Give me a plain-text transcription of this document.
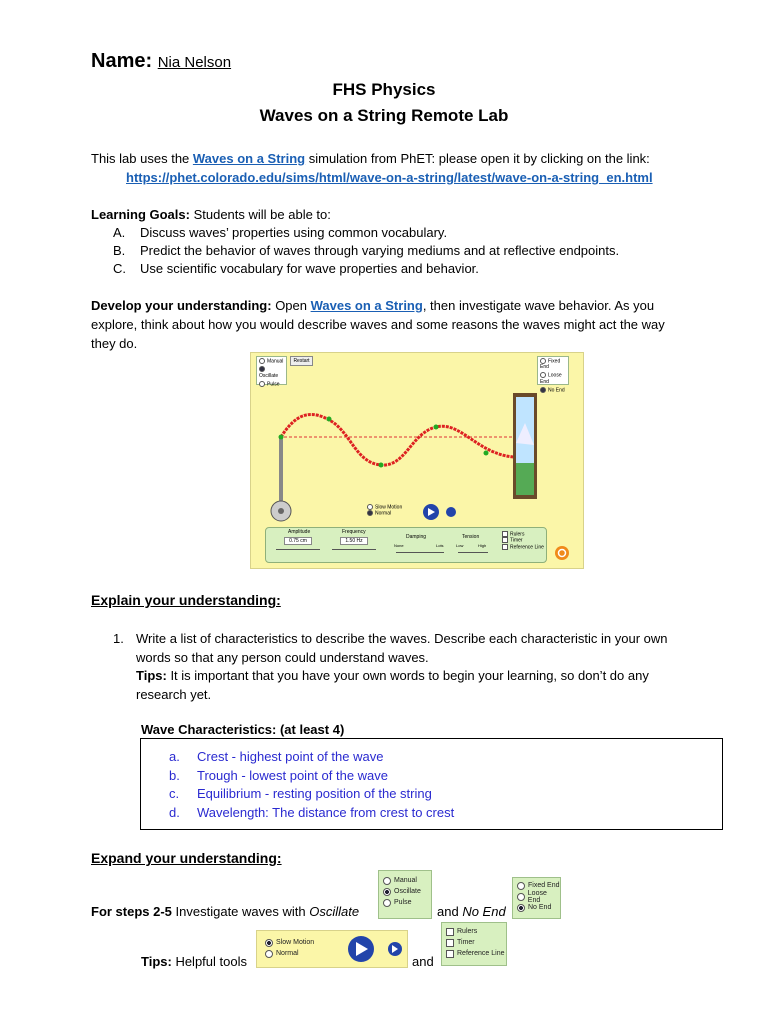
Name: Nia Nelson
FHS Physics
Waves on a String Remote Lab
This lab uses the Waves on a String simulation from PhET: please open it by clicking on the link:
https://phet.colorado.edu/sims/html/wave-on-a-string/latest/wave-on-a-string_en.html
Learning Goals: Students will be able to:
A.	Discuss waves’ properties using common vocabulary.
B.	Predict the behavior of waves through varying mediums and at reflective endpoints.
C.	Use scientific vocabulary for wave properties and behavior.
Develop your understanding: Open Waves on a String, then investigate wave behavior. As you
explore, think about how you would describe waves and some reasons the waves might act the way
they do.
Manual
Oscillate
Pulse
Restart	Fixed End
Loose End
No End
Slow Motion
Normal
Amplitude
0.75 cm
Frequency
1.50 Hz
Damping
None	Lots
Tension
Low	High
Rulers
Timer
Reference Line
Explain your understanding:
1. Write a list of characteristics to describe the waves. Describe each characteristic in your own
words so that any person could understand waves.
Tips: It is important that you have your own words to begin your learning, so don’t do any
research yet.
Wave Characteristics: (at least 4)
a.	Crest - highest point of the wave
b.	Trough - lowest point of the wave
c.	Equilibrium - resting position of the string
d.	Wavelength: The distance from crest to crest
Expand your understanding:
For steps 2-5 Investigate waves with Oscillate
Manual
Oscillate
Pulse
and No End
Fixed End
Loose End
No End
Tips: Helpful tools
Slow Motion
Normal
and
Rulers
Timer
Reference Line
